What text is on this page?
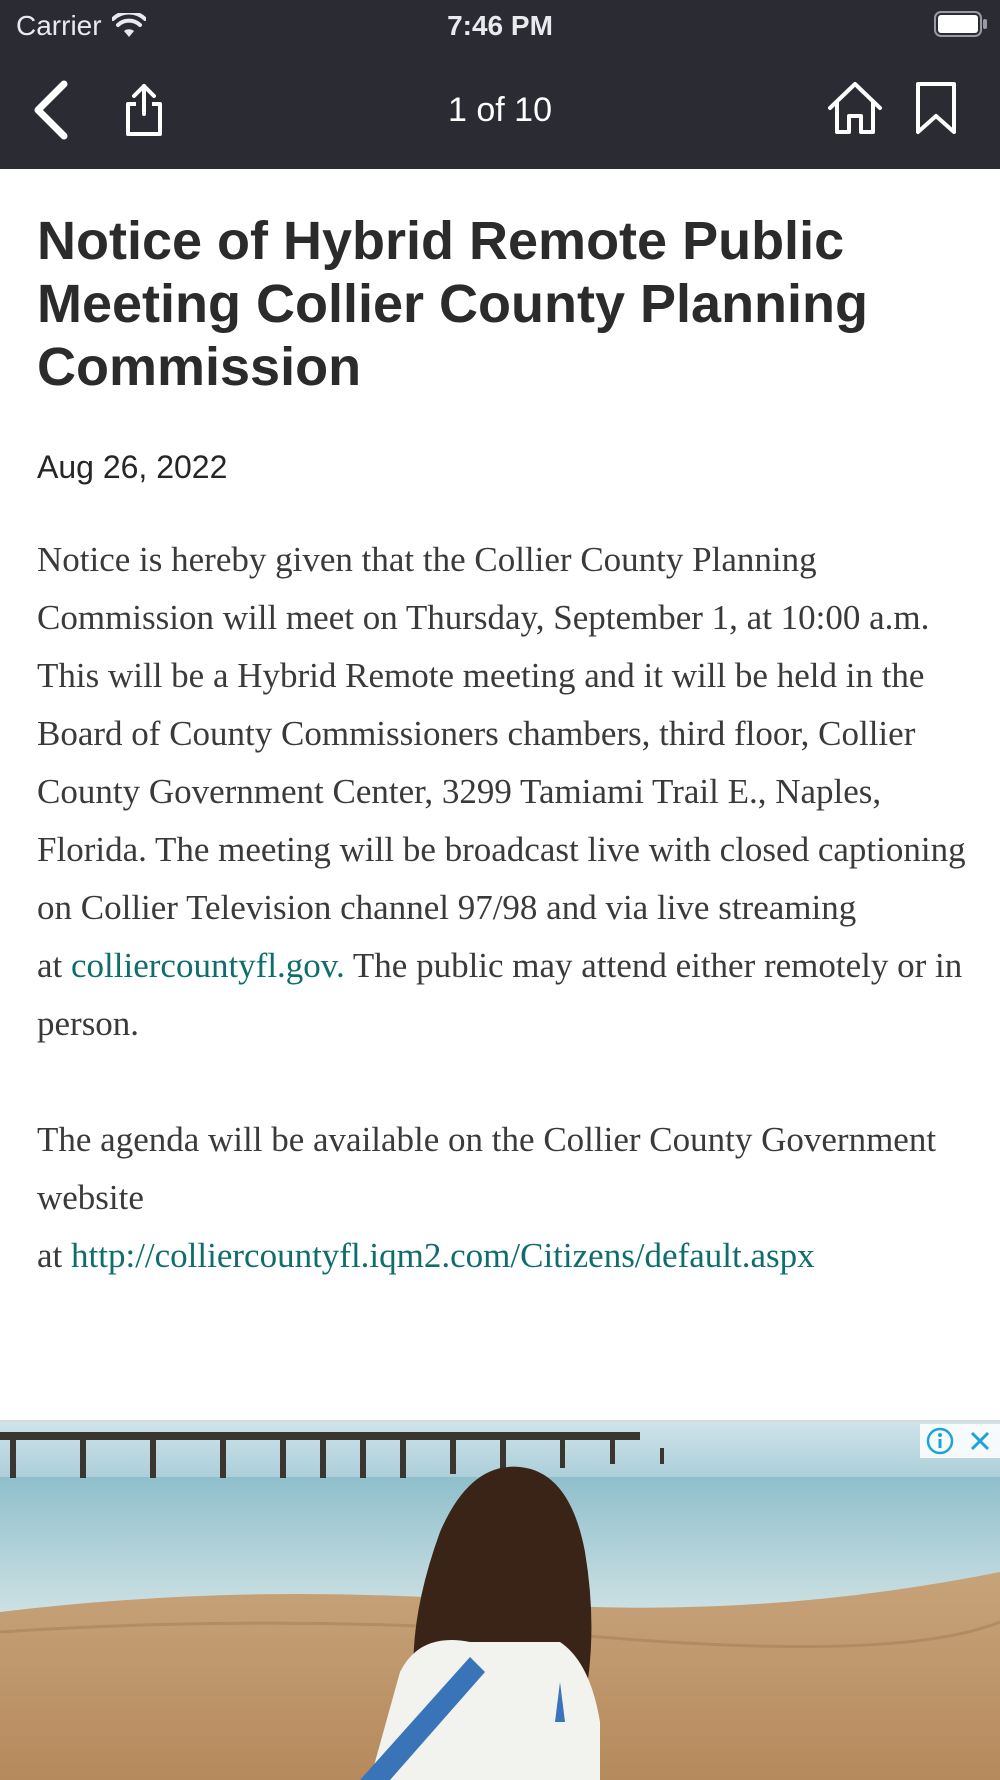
Carrier	7:46 PM
1 of 10
Notice of Hybrid Remote Public Meeting Collier County Planning Commission
Aug 26, 2022

Notice is hereby given that the Collier County Planning Commission will meet on Thursday, September 1, at 10:00 a.m. This will be a Hybrid Remote meeting and it will be held in the Board of County Commissioners chambers, third floor, Collier County Government Center, 3299 Tamiami Trail E., Naples, Florida. The meeting will be broadcast live with closed captioning on Collier Television channel 97/98 and via live streaming
at colliercountyfl.gov. The public may attend either remotely or in person.

The agenda will be available on the Collier County Government website
at http://colliercountyfl.iqm2.com/Citizens/default.aspx
